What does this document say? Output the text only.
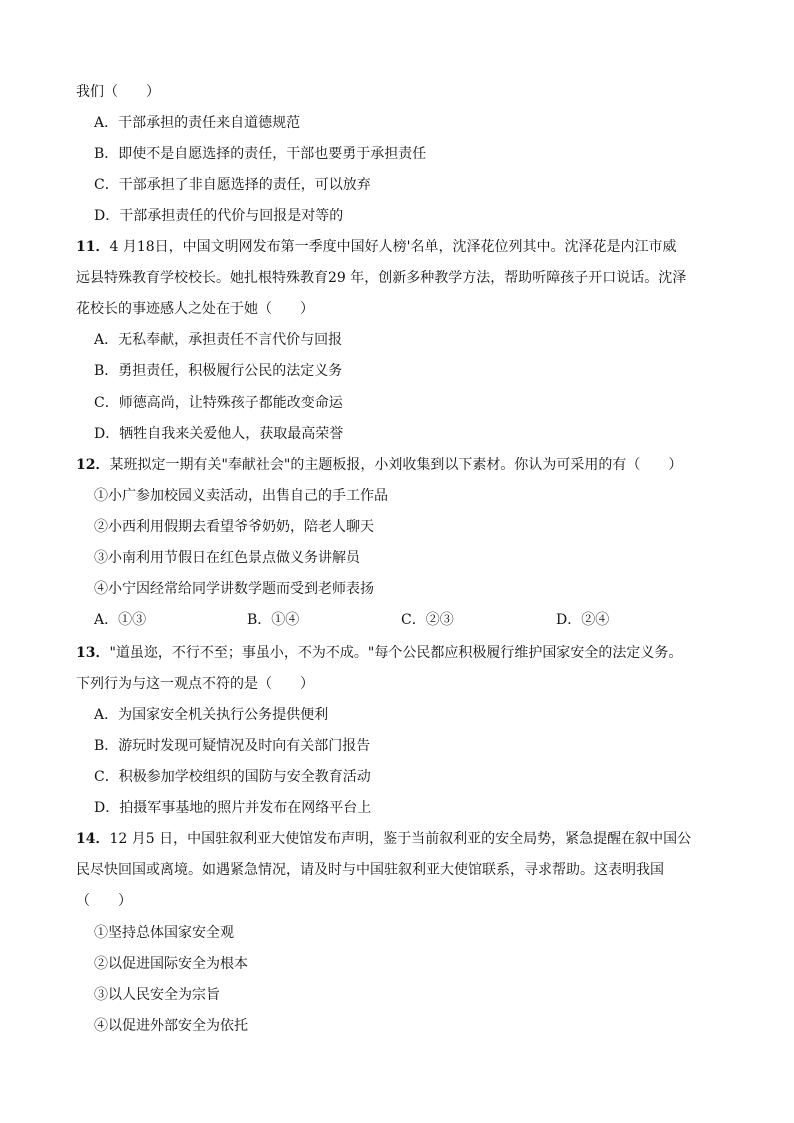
我们（　　）
A．干部承担的责任来自道德规范
B．即使不是自愿选择的责任，干部也要勇于承担责任
C．干部承担了非自愿选择的责任，可以放弃
D．干部承担责任的代价与回报是对等的
11．4 月18日，中国文明网发布第一季度中国好人榜'名单，沈泽花位列其中。沈泽花是内江市威
远县特殊教育学校校长。她扎根特殊教育29 年，创新多种教学方法，帮助听障孩子开口说话。沈泽
花校长的事迹感人之处在于她（　　）
A．无私奉献，承担责任不言代价与回报
B．勇担责任，积极履行公民的法定义务
C．师德高尚，让特殊孩子都能改变命运
D．牺牲自我来关爱他人，获取最高荣誉
12．某班拟定一期有关"奉献社会"的主题板报，小刘收集到以下素材。你认为可采用的有（　　）
①小广参加校园义卖活动，出售自己的手工作品
②小西利用假期去看望爷爷奶奶，陪老人聊天
③小南利用节假日在红色景点做义务讲解员
④小宁因经常给同学讲数学题而受到老师表扬
A．①③	B．①④	C．②③	D．②④
13．"道虽迩，不行不至；事虽小，不为不成。"每个公民都应积极履行维护国家安全的法定义务。
下列行为与这一观点不符的是（　　）
A．为国家安全机关执行公务提供便利
B．游玩时发现可疑情况及时向有关部门报告
C．积极参加学校组织的国防与安全教育活动
D．拍摄军事基地的照片并发布在网络平台上
14．12 月5 日，中国驻叙利亚大使馆发布声明，鉴于当前叙利亚的安全局势，紧急提醒在叙中国公
民尽快回国或离境。如遇紧急情况，请及时与中国驻叙利亚大使馆联系，寻求帮助。这表明我国
（　　）
①坚持总体国家安全观
②以促进国际安全为根本
③以人民安全为宗旨
④以促进外部安全为依托
